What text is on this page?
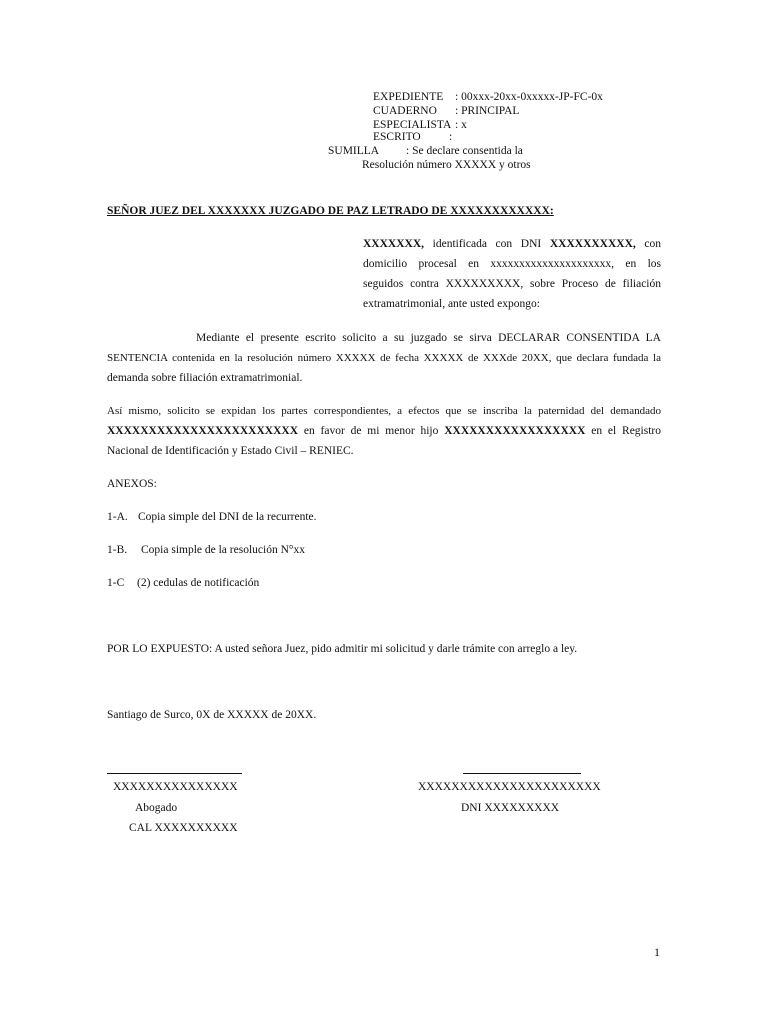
EXPEDIENTE : 00xxx-20xx-0xxxxx-JP-FC-0x
CUADERNO : PRINCIPAL
ESPECIALISTA : x
ESCRITO :
SUMILLA : Se declare consentida la
Resolución número XXXXX y otros
SEÑOR JUEZ DEL XXXXXXX JUZGADO DE PAZ LETRADO DE XXXXXXXXXXXX:
XXXXXXX, identificada con DNI XXXXXXXXXX, con
domicilio procesal en xxxxxxxxxxxxxxxxxxxxx, en los
seguidos contra XXXXXXXXX, sobre Proceso de filiación
extramatrimonial, ante usted expongo:
Mediante el presente escrito solicito a su juzgado se sirva DECLARAR CONSENTIDA LA
SENTENCIA contenida en la resolución número XXXXX de fecha XXXXX de XXXde 20XX, que declara fundada la
demanda sobre filiación extramatrimonial.
Así mismo, solicito se expidan los partes correspondientes, a efectos que se inscriba la paternidad del demandado
XXXXXXXXXXXXXXXXXXXXXXX en favor de mi menor hijo XXXXXXXXXXXXXXXXX en el Registro
Nacional de Identificación y Estado Civil – RENIEC.
ANEXOS:
1-A. Copia simple del DNI de la recurrente.
1-B. Copia simple de la resolución N°xx
1-C (2) cedulas de notificación
POR LO EXPUESTO: A usted señora Juez, pido admitir mi solicitud y darle trámite con arreglo a ley.
Santiago de Surco, 0X de XXXXX de 20XX.
XXXXXXXXXXXXXXX
Abogado
CAL XXXXXXXXXX
XXXXXXXXXXXXXXXXXXXXXX
DNI XXXXXXXXX
1
